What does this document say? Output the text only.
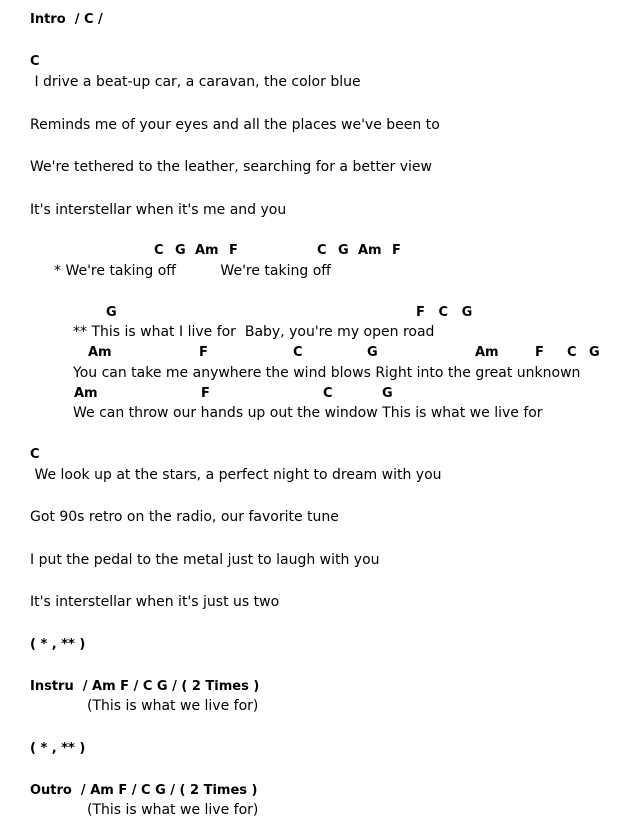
Intro  / C /
C
I drive a beat-up car, a caravan, the color blue
Reminds me of your eyes and all the places we've been to
We're tethered to the leather, searching for a better view
It's interstellar when it's me and you
C G Am F	C G Am F
* We're taking off          We're taking off
G	F   C   G
** This is what I live for  Baby, you're my open road
Am	F	C	G	Am	F C G
You can take me anywhere the wind blows Right into the great unknown
Am	F	C	G
We can throw our hands up out the window This is what we live for
C
We look up at the stars, a perfect night to dream with you
Got 90s retro on the radio, our favorite tune
I put the pedal to the metal just to laugh with you
It's interstellar when it's just us two
( * , ** )
Instru  / Am F / C G / ( 2 Times )
(This is what we live for)
( * , ** )
Outro  / Am F / C G / ( 2 Times )
(This is what we live for)
